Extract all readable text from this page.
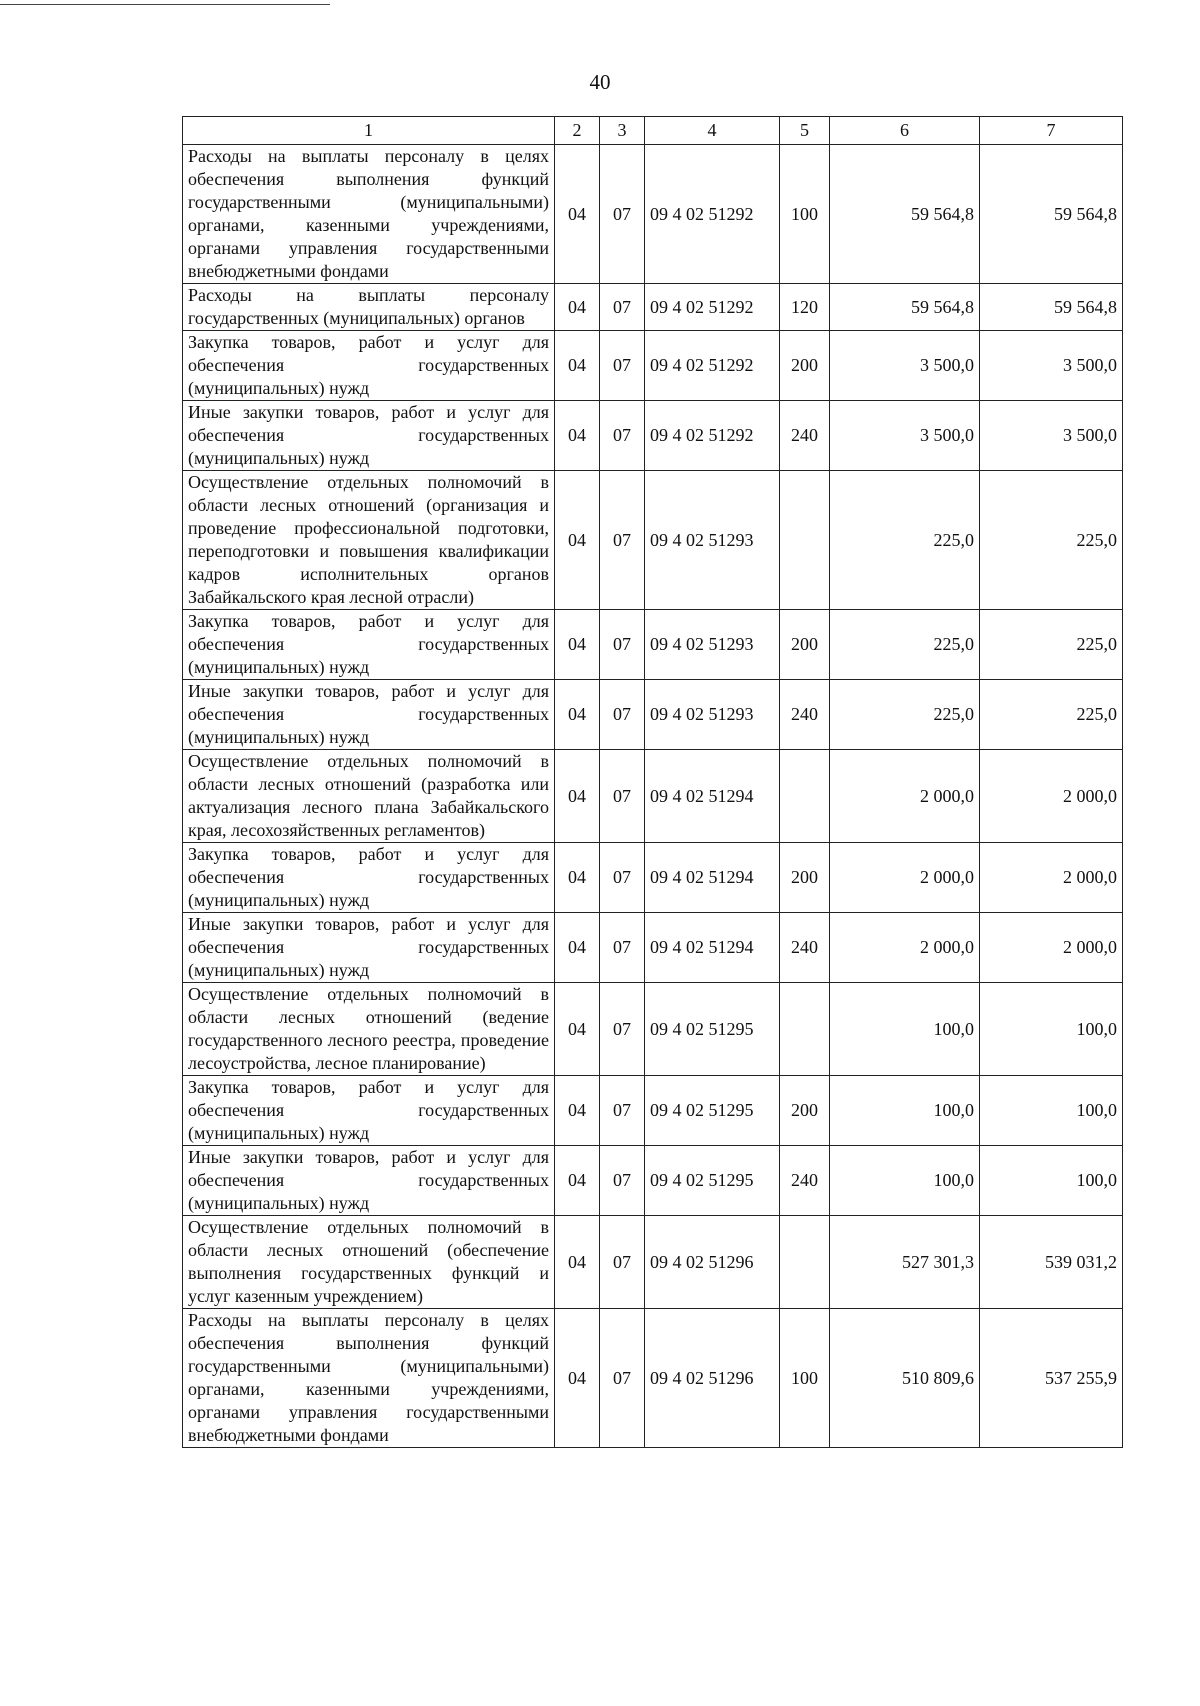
40
1	2	3	4	5	6	7
Расходы на выплаты персоналу в целях обеспечения выполнения функций государственными (муниципальными) органами, казенными учреждениями, органами управления государственными внебюджетными фондами	04	07	09 4 02 51292	100	59 564,8	59 564,8
Расходы на выплаты персоналу государственных (муниципальных) органов	04	07	09 4 02 51292	120	59 564,8	59 564,8
Закупка товаров, работ и услуг для обеспечения государственных (муниципальных) нужд	04	07	09 4 02 51292	200	3 500,0	3 500,0
Иные закупки товаров, работ и услуг для обеспечения государственных (муниципальных) нужд	04	07	09 4 02 51292	240	3 500,0	3 500,0
Осуществление отдельных полномочий в области лесных отношений (организация и проведение профессиональной подготовки, переподготовки и повышения квалификации кадров исполнительных органов Забайкальского края лесной отрасли)	04	07	09 4 02 51293		225,0	225,0
Закупка товаров, работ и услуг для обеспечения государственных (муниципальных) нужд	04	07	09 4 02 51293	200	225,0	225,0
Иные закупки товаров, работ и услуг для обеспечения государственных (муниципальных) нужд	04	07	09 4 02 51293	240	225,0	225,0
Осуществление отдельных полномочий в области лесных отношений (разработка или актуализация лесного плана Забайкальского края, лесохозяйственных регламентов)	04	07	09 4 02 51294		2 000,0	2 000,0
Закупка товаров, работ и услуг для обеспечения государственных (муниципальных) нужд	04	07	09 4 02 51294	200	2 000,0	2 000,0
Иные закупки товаров, работ и услуг для обеспечения государственных (муниципальных) нужд	04	07	09 4 02 51294	240	2 000,0	2 000,0
Осуществление отдельных полномочий в области лесных отношений (ведение государственного лесного реестра, проведение лесоустройства, лесное планирование)	04	07	09 4 02 51295		100,0	100,0
Закупка товаров, работ и услуг для обеспечения государственных (муниципальных) нужд	04	07	09 4 02 51295	200	100,0	100,0
Иные закупки товаров, работ и услуг для обеспечения государственных (муниципальных) нужд	04	07	09 4 02 51295	240	100,0	100,0
Осуществление отдельных полномочий в области лесных отношений (обеспечение выполнения государственных функций и услуг казенным учреждением)	04	07	09 4 02 51296		527 301,3	539 031,2
Расходы на выплаты персоналу в целях обеспечения выполнения функций государственными (муниципальными) органами, казенными учреждениями, органами управления государственными внебюджетными фондами	04	07	09 4 02 51296	100	510 809,6	537 255,9
